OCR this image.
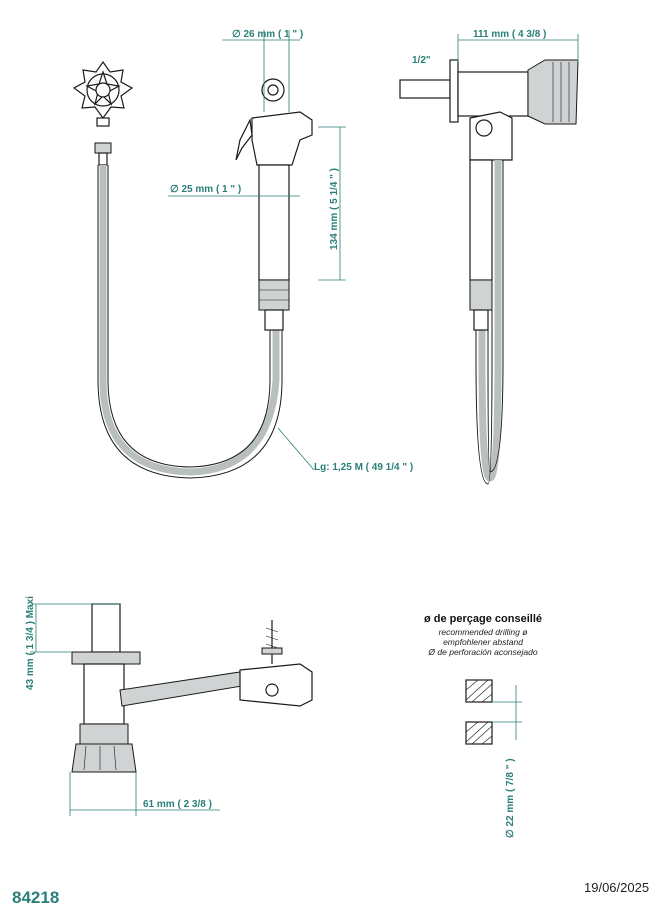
∅ 26 mm ( 1 " )
∅ 25 mm ( 1 " )	134 mm ( 5 1/4 " )
Lg: 1,25 M ( 49 1/4 " )
111 mm ( 4 3/8 )
1/2"
43 mm ( 1 3/4 ) Maxi
61 mm ( 2 3/8 )	∅ 22 mm ( 7/8 " )
ø de perçage conseillé
recommended drilling ø
empfohlener abstand
Ø de perforación aconsejado
84218
19/06/2025
